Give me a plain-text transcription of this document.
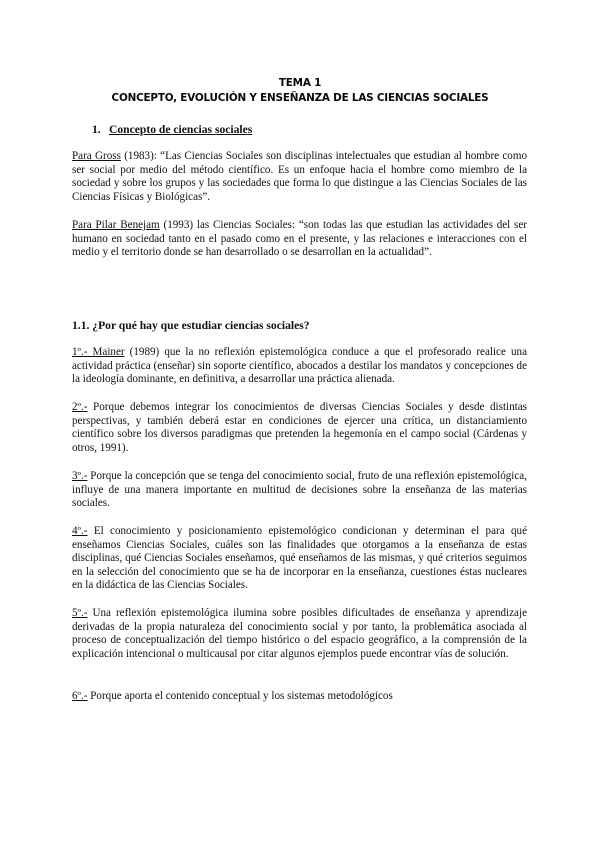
TEMA 1
CONCEPTO, EVOLUCIÓN Y ENSEÑANZA DE LAS CIENCIAS SOCIALES
1. Concepto de ciencias sociales

Para Gross (1983): “Las Ciencias Sociales son disciplinas intelectuales que estudian al hombre como ser social por medio del método científico. Es un enfoque hacia el hombre como miembro de la sociedad y sobre los grupos y las sociedades que forma lo que distingue a las Ciencias Sociales de las Ciencias Físicas y Biológicas”.

Para Pilar Benejam (1993) las Ciencias Sociales: “son todas las que estudian las actividades del ser humano en sociedad tanto en el pasado como en el presente, y las relaciones e interacciones con el medio y el territorio donde se han desarrollado o se desarrollan en la actualidad”.

1.1. ¿Por qué hay que estudiar ciencias sociales?

1º.- Mainer (1989) que la no reflexión epistemológica conduce a que el profesorado realice una actividad práctica (enseñar) sin soporte científico, abocados a destilar los mandatos y concepciones de la ideología dominante, en definitiva, a desarrollar una práctica alienada.

2º.- Porque debemos integrar los conocimientos de diversas Ciencias Sociales y desde distintas perspectivas, y también deberá estar en condiciones de ejercer una crítica, un distanciamiento científico sobre los diversos paradigmas que pretenden la hegemonía en el campo social (Cárdenas y otros, 1991).

3º.- Porque la concepción que se tenga del conocimiento social, fruto de una reflexión epistemológica, influye de una manera importante en multitud de decisiones sobre la enseñanza de las materias sociales.

4º.- El conocimiento y posicionamiento epistemológico condicionan y determinan el para qué enseñamos Ciencias Sociales, cuáles son las finalidades que otorgamos a la enseñanza de estas disciplinas, qué Ciencias Sociales enseñamos, qué enseñamos de las mismas, y qué criterios seguimos en la selección del conocimiento que se ha de incorporar en la enseñanza, cuestiones éstas nucleares en la didáctica de las Ciencias Sociales.

5º.- Una reflexión epistemológica ilumina sobre posibles dificultades de enseñanza y aprendizaje derivadas de la propia naturaleza del conocimiento social y por tanto, la problemática asociada al proceso de conceptualización del tiempo histórico o del espacio geográfico, a la comprensión de la explicación intencional o multicausal por citar algunos ejemplos puede encontrar vías de solución.

6º.- Porque aporta el contenido conceptual y los sistemas metodológicos
